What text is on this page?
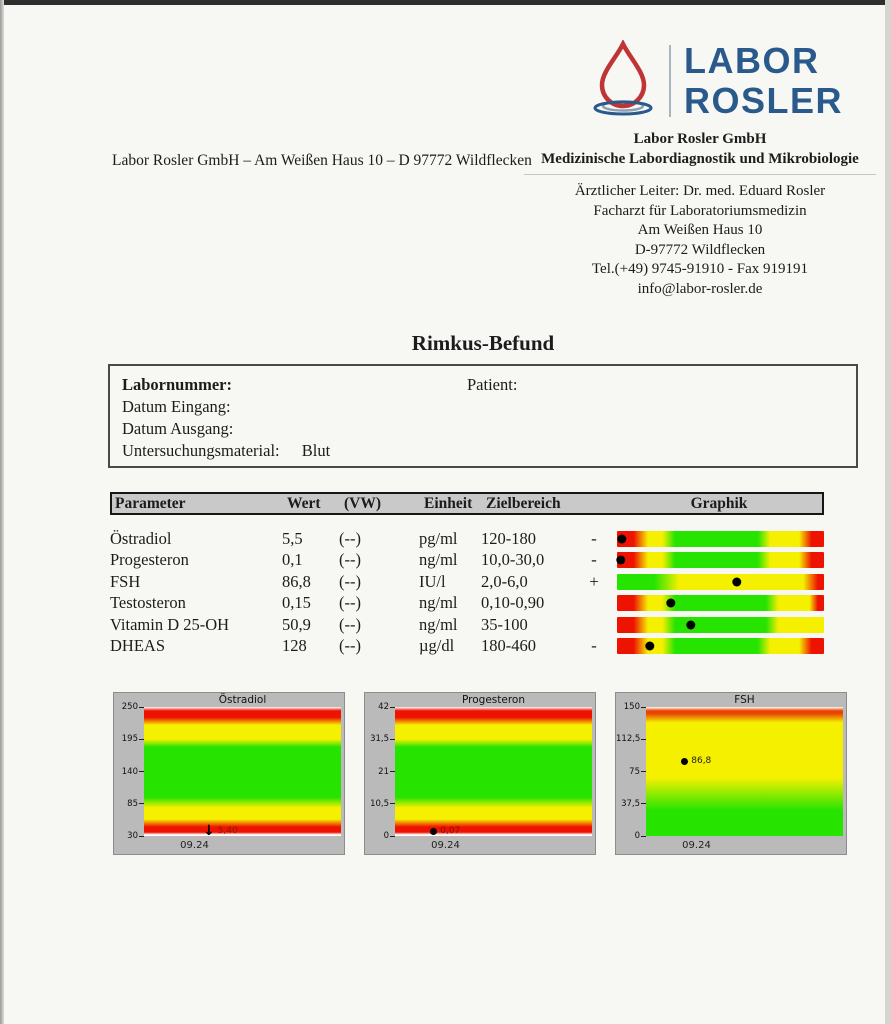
LABOR
ROSLER
Labor Rosler GmbH – Am Weißen Haus 10 – D 97772 Wildflecken
Labor Rosler GmbH
Medizinische Labordiagnostik und Mikrobiologie
Ärztlicher Leiter: Dr. med. Eduard Rosler
Facharzt für Laboratoriumsmedizin
Am Weißen Haus 10
D-97772 Wildflecken
Tel.(+49) 9745-91910 - Fax 919191
info@labor-rosler.de
Rimkus-Befund
Labornummer:	Patient:
Datum Eingang:
Datum Ausgang:
Untersuchungsmaterial: Blut
Parameter	Wert	(VW)	Einheit Zielbereich	Graphik
Östradiol	5,5	(--)	pg/ml	120-180	-
Progesteron	0,1	(--)	ng/ml	10,0-30,0	-
FSH	86,8	(--)	IU/l	2,0-6,0	+
Testosteron	0,15	(--)	ng/ml	0,10-0,90
Vitamin D 25-OH	50,9	(--)	ng/ml	35-100
DHEAS	128	(--)	µg/dl	180-460	-
Östradiol
250
195
140
85
30	↓ 5,40
09.24
Progesteron
42
31,5
21
10,5
0	0,07
09.24
FSH
150
112,5
75
37,5
0
86,8
09.24
